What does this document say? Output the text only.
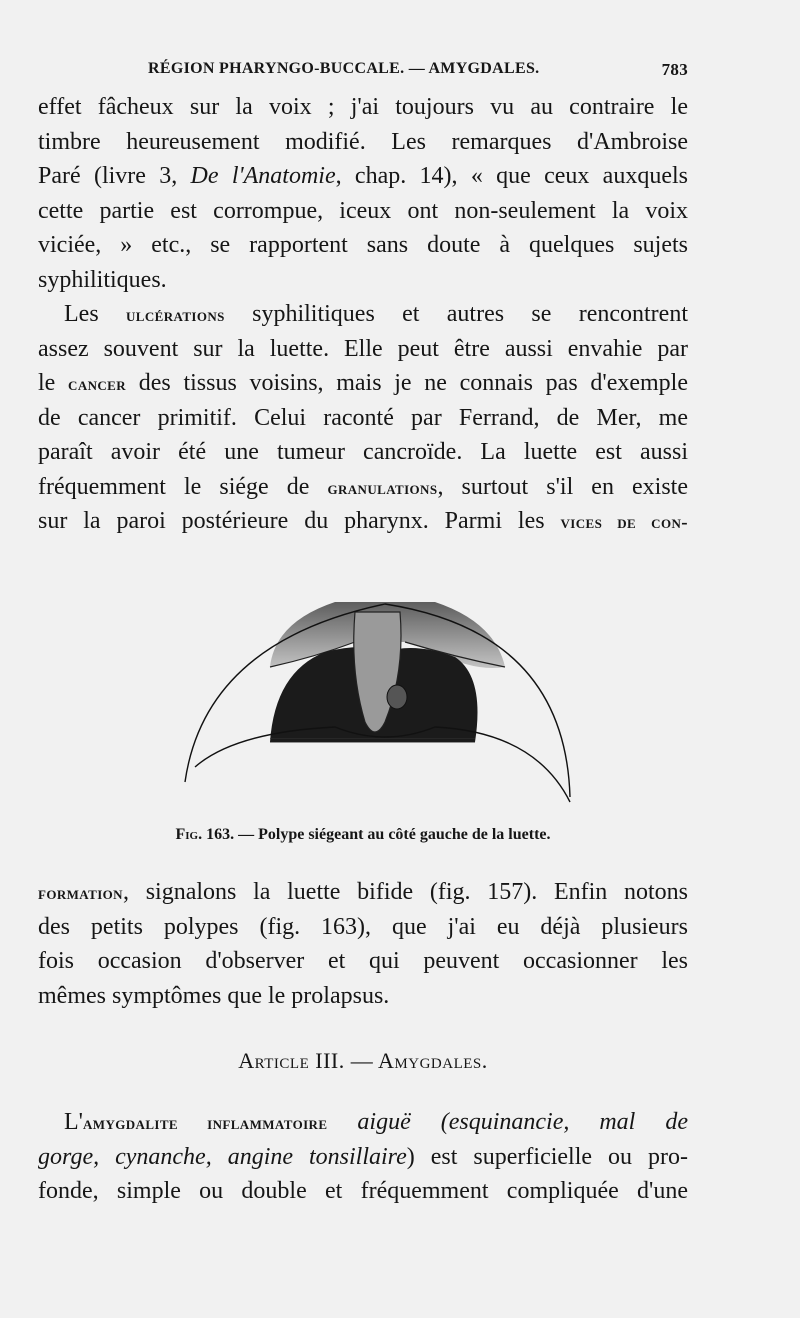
RÉGION PHARYNGO-BUCCALE. — AMYGDALES.	783
effet fâcheux sur la voix ; j'ai toujours vu au contraire le
timbre heureusement modifié. Les remarques d'Ambroise
Paré (livre 3, De l'Anatomie, chap. 14), « que ceux auxquels
cette partie est corrompue, iceux ont non-seulement la voix
viciée, » etc., se rapportent sans doute à quelques sujets
syphilitiques.
Les ulcérations syphilitiques et autres se rencontrent
assez souvent sur la luette. Elle peut être aussi envahie par
le cancer des tissus voisins, mais je ne connais pas d'exemple
de cancer primitif. Celui raconté par Ferrand, de Mer, me
paraît avoir été une tumeur cancroïde. La luette est aussi
fréquemment le siége de granulations, surtout s'il en existe
sur la paroi postérieure du pharynx. Parmi les vices de con-
Fig. 163. — Polype siégeant au côté gauche de la luette.
formation, signalons la luette bifide (fig. 157). Enfin notons
des petits polypes (fig. 163), que j'ai eu déjà plusieurs
fois occasion d'observer et qui peuvent occasionner les
mêmes symptômes que le prolapsus.
Article III. — Amygdales.
L'amygdalite inflammatoire aiguë (esquinancie, mal de
gorge, cynanche, angine tonsillaire) est superficielle ou pro-
fonde, simple ou double et fréquemment compliquée d'une
